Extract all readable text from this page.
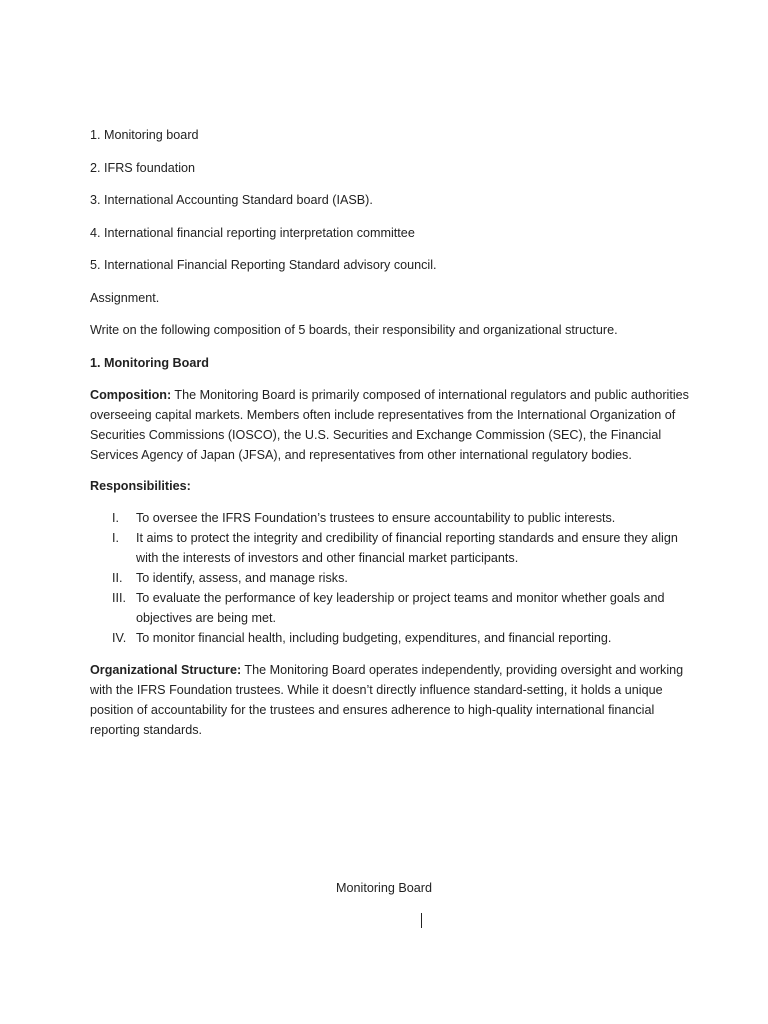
1. Monitoring board

2. IFRS foundation

3. International Accounting Standard board (IASB).

4. International financial reporting interpretation committee

5. International Financial Reporting Standard advisory council.

Assignment.

Write on the following composition of 5 boards, their responsibility and organizational structure.

1. Monitoring Board

Composition: The Monitoring Board is primarily composed of international regulators and public authorities overseeing capital markets. Members often include representatives from the International Organization of Securities Commissions (IOSCO), the U.S. Securities and Exchange Commission (SEC), the Financial Services Agency of Japan (JFSA), and representatives from other international regulatory bodies.

Responsibilities:

I. To oversee the IFRS Foundation’s trustees to ensure accountability to public interests.
I. It aims to protect the integrity and credibility of financial reporting standards and ensure they align with the interests of investors and other financial market participants.
II. To identify, assess, and manage risks.
III. To evaluate the performance of key leadership or project teams and monitor whether goals and objectives are being met.
IV. To monitor financial health, including budgeting, expenditures, and financial reporting.

Organizational Structure: The Monitoring Board operates independently, providing oversight and working with the IFRS Foundation trustees. While it doesn’t directly influence standard-setting, it holds a unique position of accountability for the trustees and ensures adherence to high-quality international financial reporting standards.

Monitoring Board
